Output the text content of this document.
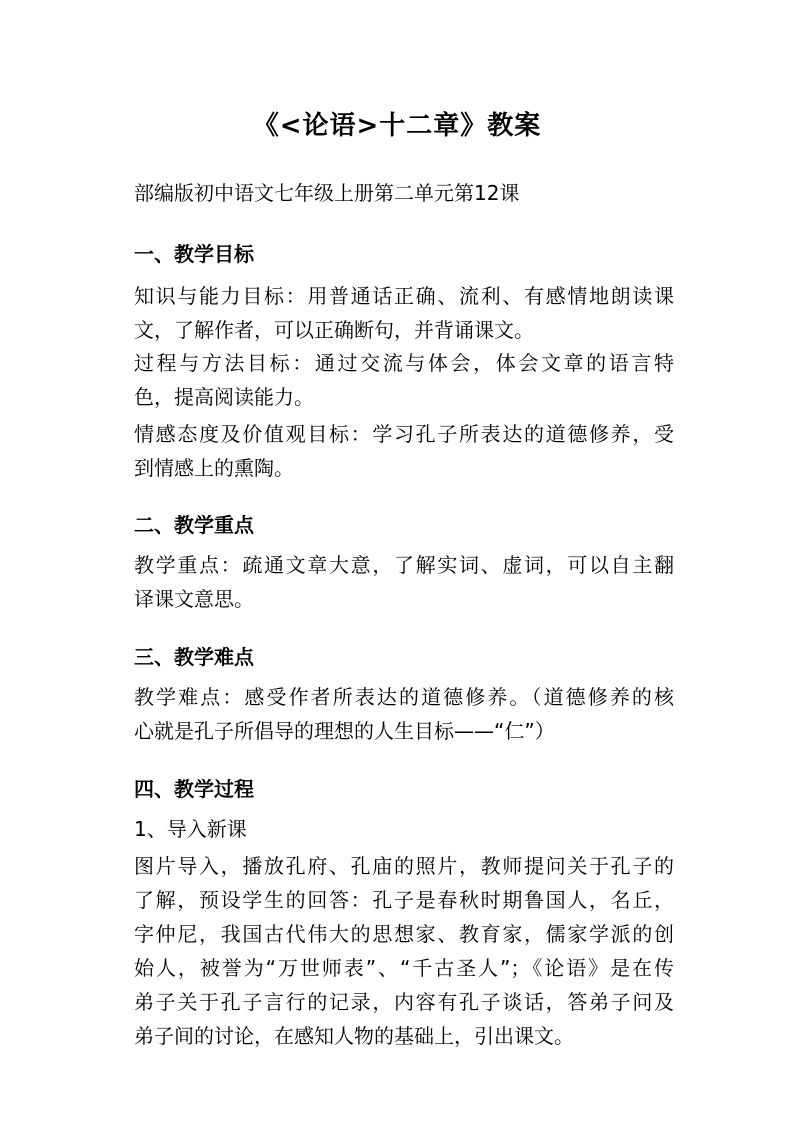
《<论语>十二章》教案
部编版初中语文七年级上册第二单元第12课
一、教学目标
知识与能力目标：用普通话正确、流利、有感情地朗读课
文，了解作者，可以正确断句，并背诵课文。
过程与方法目标：通过交流与体会，体会文章的语言特
色，提高阅读能力。
情感态度及价值观目标：学习孔子所表达的道德修养，受
到情感上的熏陶。
二、教学重点
教学重点：疏通文章大意，了解实词、虚词，可以自主翻
译课文意思。
三、教学难点
教学难点：感受作者所表达的道德修养。（道德修养的核
心就是孔子所倡导的理想的人生目标——“仁”）
四、教学过程
1、导入新课
图片导入，播放孔府、孔庙的照片，教师提问关于孔子的
了解，预设学生的回答：孔子是春秋时期鲁国人，名丘，
字仲尼，我国古代伟大的思想家、教育家，儒家学派的创
始人，被誉为“万世师表”、“千古圣人”；《论语》是在传
弟子关于孔子言行的记录，内容有孔子谈话，答弟子问及
弟子间的讨论，在感知人物的基础上，引出课文。
